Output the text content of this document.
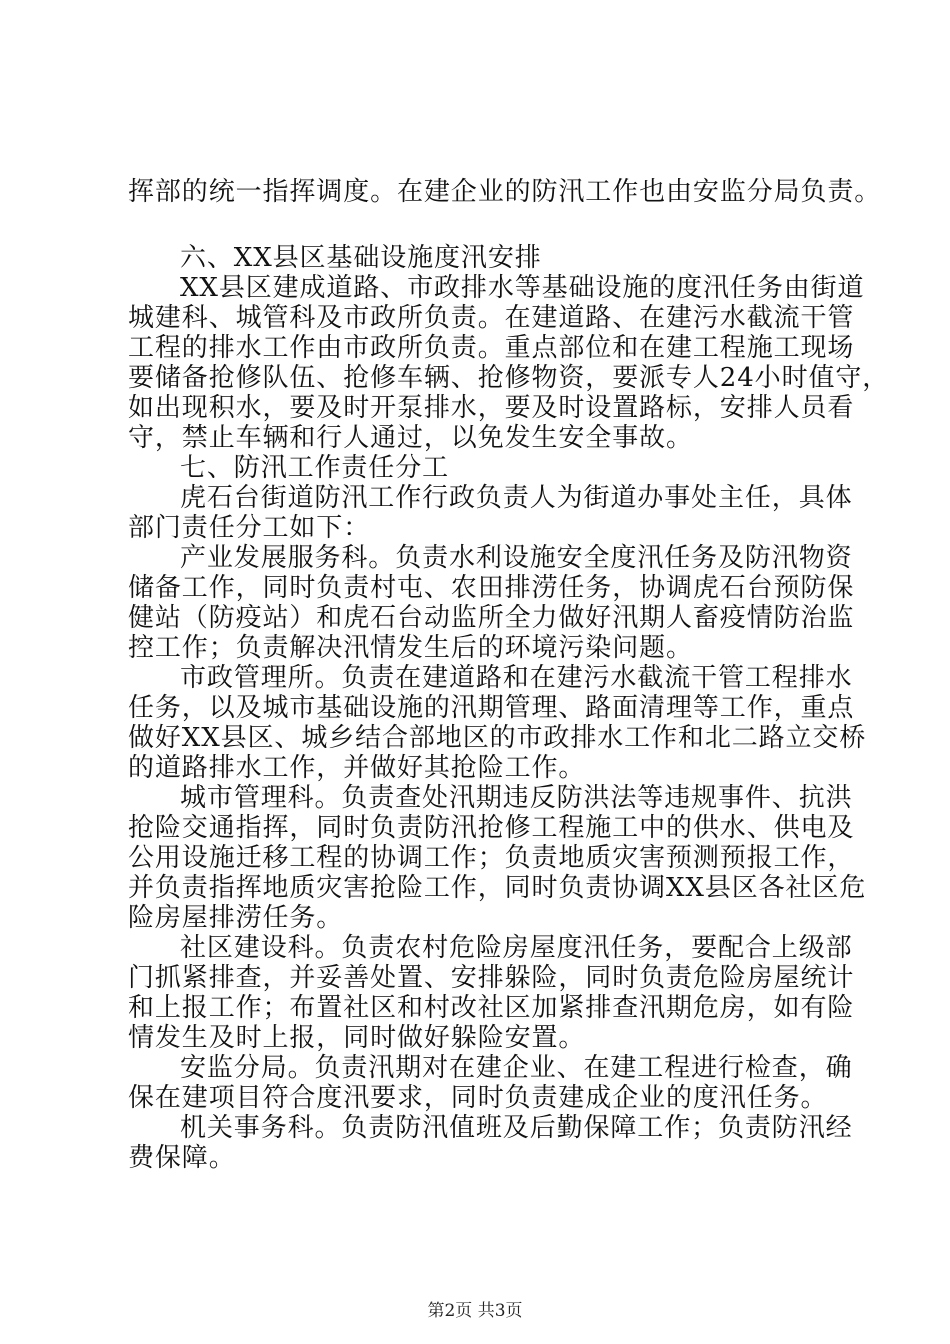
挥部的统一指挥调度。在建企业的防汛工作也由安监分局负责。

六、XX县区基础设施度汛安排

XX县区建成道路、市政排水等基础设施的度汛任务由街道

城建科、城管科及市政所负责。在建道路、在建污水截流干管

工程的排水工作由市政所负责。重点部位和在建工程施工现场

要储备抢修队伍、抢修车辆、抢修物资，要派专人24小时值守，

如出现积水，要及时开泵排水，要及时设置路标，安排人员看

守，禁止车辆和行人通过，以免发生安全事故。

七、防汛工作责任分工

虎石台街道防汛工作行政负责人为街道办事处主任，具体

部门责任分工如下：

产业发展服务科。负责水利设施安全度汛任务及防汛物资

储备工作，同时负责村屯、农田排涝任务，协调虎石台预防保

健站（防疫站）和虎石台动监所全力做好汛期人畜疫情防治监

控工作；负责解决汛情发生后的环境污染问题。

市政管理所。负责在建道路和在建污水截流干管工程排水

任务，以及城市基础设施的汛期管理、路面清理等工作，重点

做好XX县区、城乡结合部地区的市政排水工作和北二路立交桥

的道路排水工作，并做好其抢险工作。

城市管理科。负责查处汛期违反防洪法等违规事件、抗洪

抢险交通指挥，同时负责防汛抢修工程施工中的供水、供电及

公用设施迁移工程的协调工作；负责地质灾害预测预报工作，

并负责指挥地质灾害抢险工作，同时负责协调XX县区各社区危

险房屋排涝任务。

社区建设科。负责农村危险房屋度汛任务，要配合上级部

门抓紧排查，并妥善处置、安排躲险，同时负责危险房屋统计

和上报工作；布置社区和村改社区加紧排查汛期危房，如有险

情发生及时上报，同时做好躲险安置。

安监分局。负责汛期对在建企业、在建工程进行检查，确

保在建项目符合度汛要求，同时负责建成企业的度汛任务。

机关事务科。负责防汛值班及后勤保障工作；负责防汛经

费保障。

第2页 共3页
